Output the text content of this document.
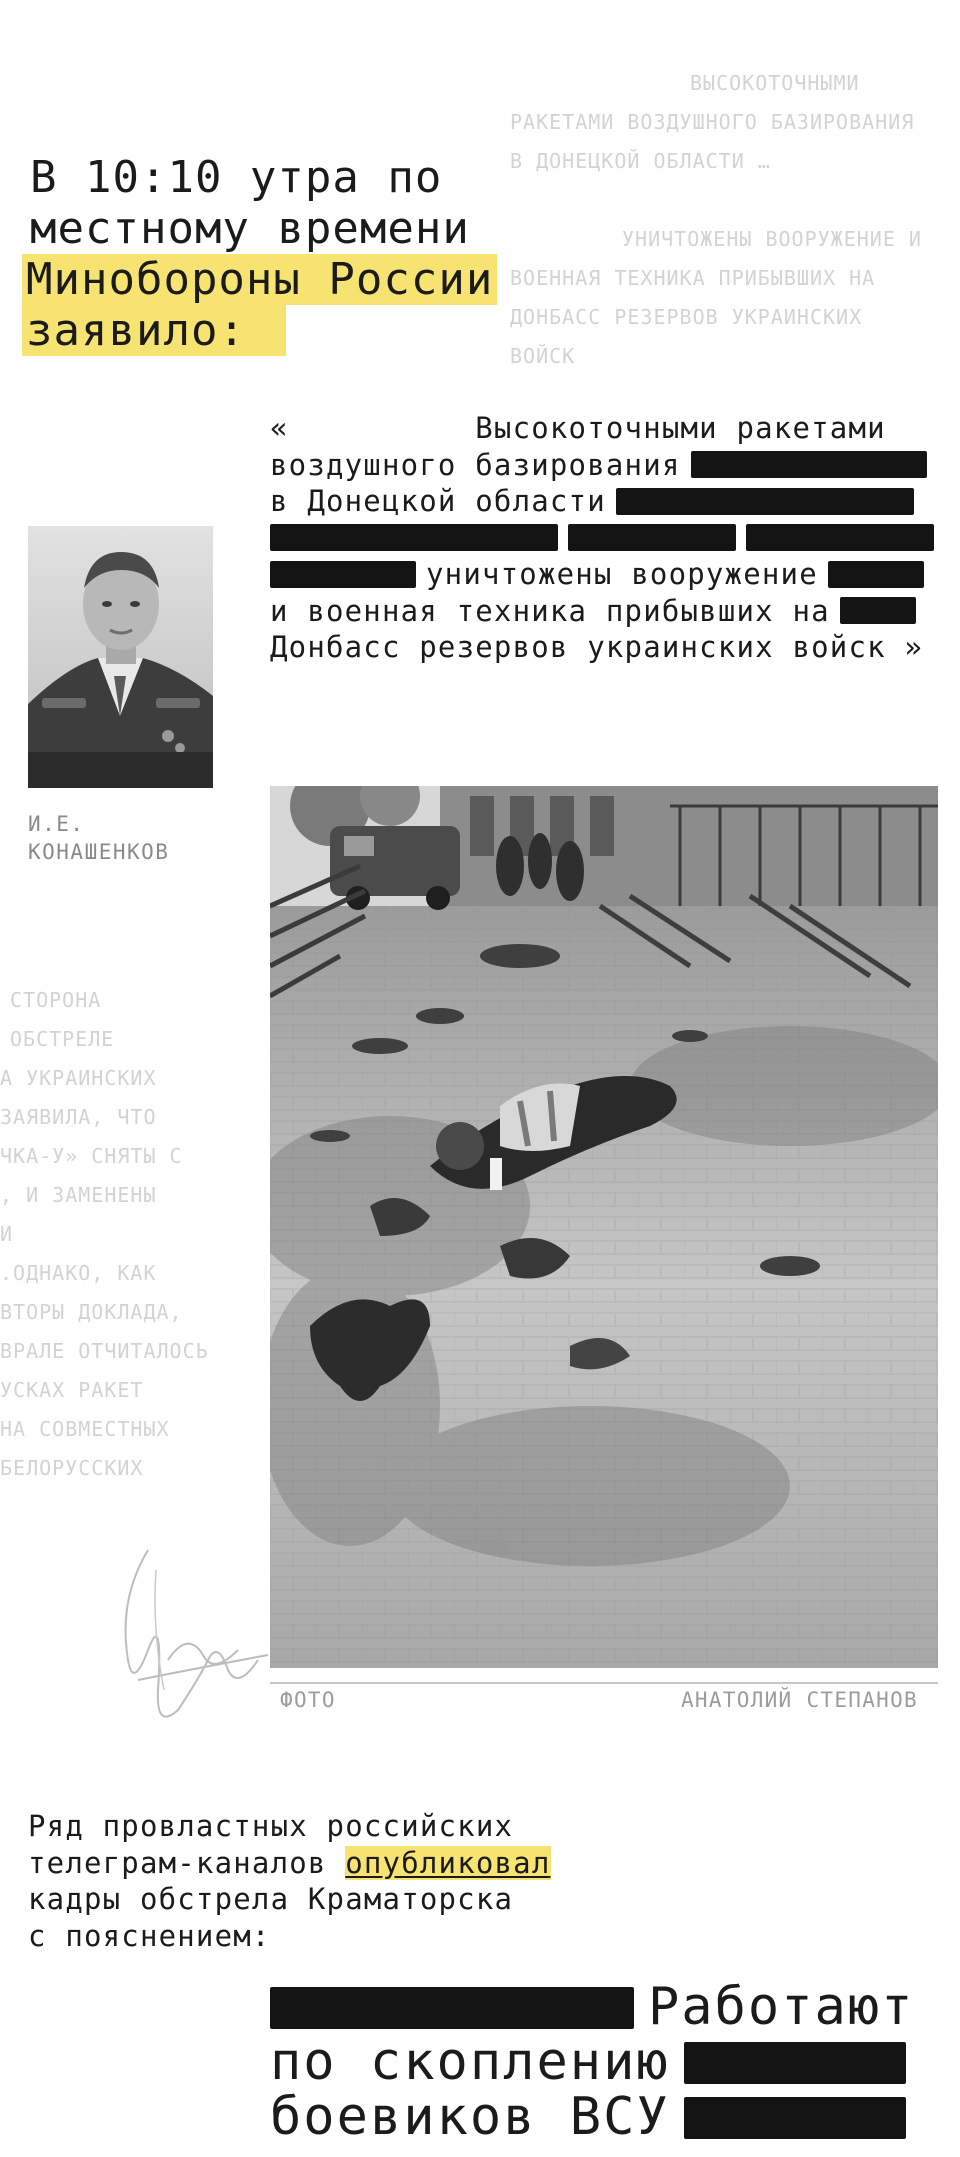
ВЫСОКОТОЧНЫМИ
РАКЕТАМИ ВОЗДУШНОГО БАЗИРОВАНИЯ
В ДОНЕЦКОЙ ОБЛАСТИ …
УНИЧТОЖЕНЫ ВООРУЖЕНИЕ И
ВОЕННАЯ ТЕХНИКА ПРИБЫВШИХ НА
ДОНБАСС РЕЗЕРВОВ УКРАИНСКИХ
ВОЙСК
В 10:10 утра по
местному времени
Минобороны России
заявило:
«          Высокоточными ракетами
воздушного базирования
в Донецкой области
уничтожены вооружение
и военная техника прибывших на
Донбасс резервов украинских войск »
И.Е.
КОНАШЕНКОВ
СТОРОНА
ОБСТРЕЛЕ
А УКРАИНСКИХ
ЗАЯВИЛА, ЧТО
ЧКА-У» СНЯТЫ С
, И ЗАМЕНЕНЫ
И
.ОДНАКО, КАК
ВТОРЫ ДОКЛАДА,
ВРАЛЕ ОТЧИТАЛОСЬ
УСКАХ РАКЕТ
НА СОВМЕСТНЫХ
БЕЛОРУССКИХ
ФОТО	АНАТОЛИЙ СТЕПАНОВ
Ряд провластных российских
телеграм-каналов опубликовал
кадры обстрела Краматорска
с пояснением:
Работают
по скоплению
боевиков ВСУ
